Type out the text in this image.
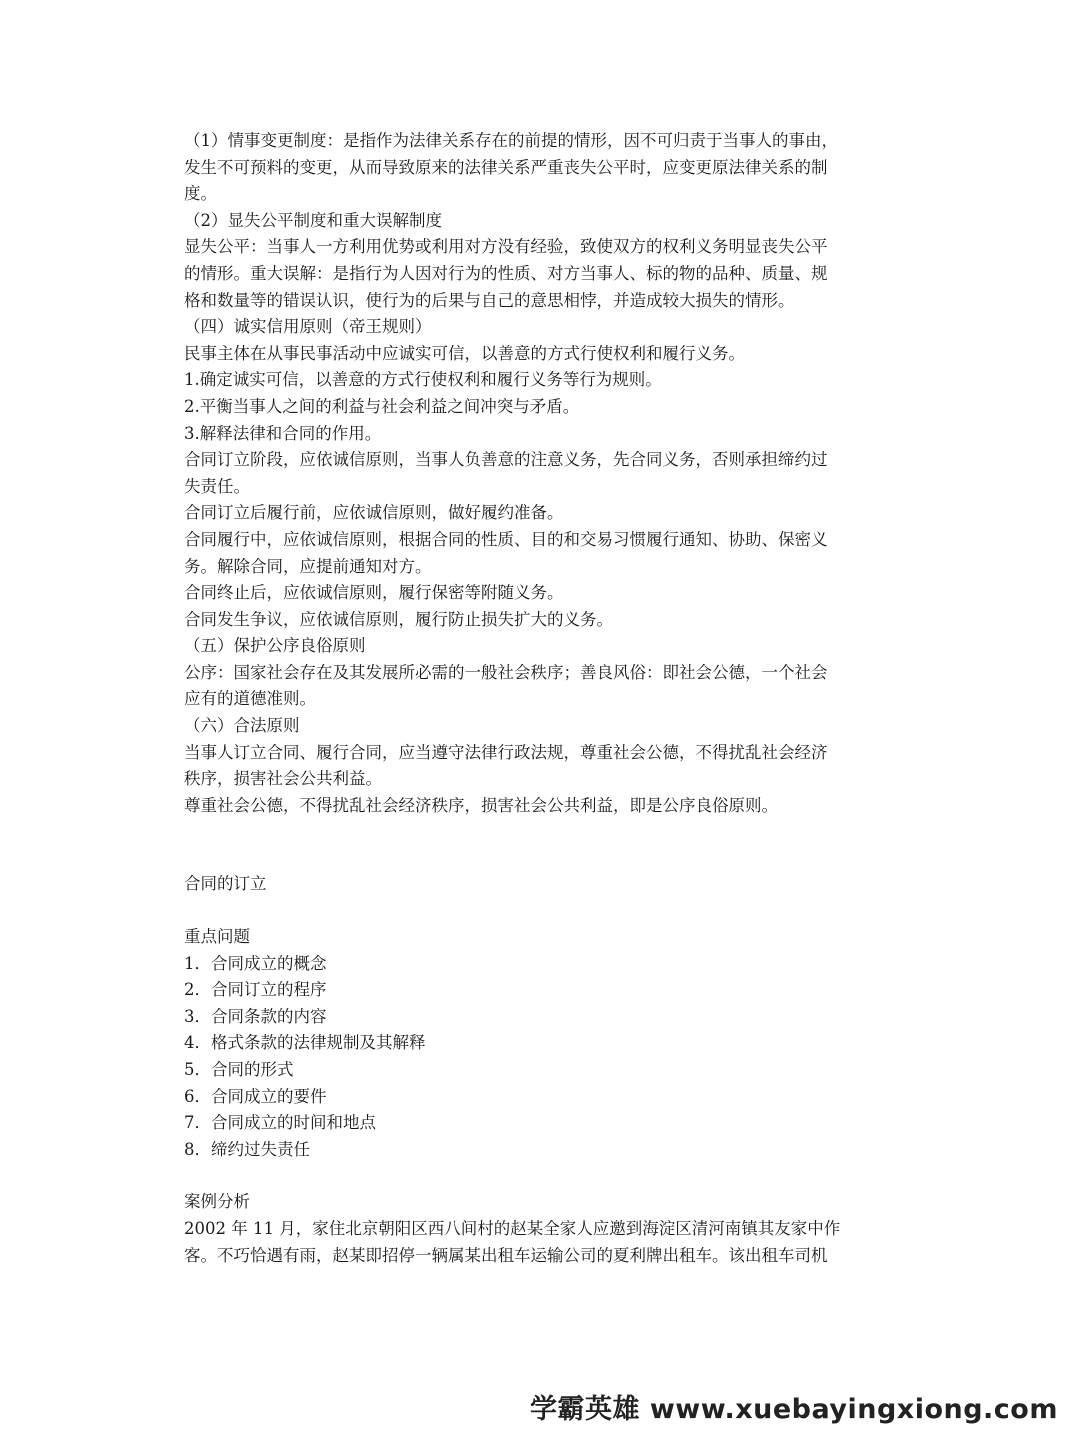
（1）情事变更制度：是指作为法律关系存在的前提的情形，因不可归责于当事人的事由，
发生不可预料的变更，从而导致原来的法律关系严重丧失公平时，应变更原法律关系的制
度。
（2）显失公平制度和重大误解制度
显失公平：当事人一方利用优势或利用对方没有经验，致使双方的权利义务明显丧失公平
的情形。重大误解：是指行为人因对行为的性质、对方当事人、标的物的品种、质量、规
格和数量等的错误认识，使行为的后果与自己的意思相悖，并造成较大损失的情形。
（四）诚实信用原则（帝王规则）
民事主体在从事民事活动中应诚实可信，以善意的方式行使权利和履行义务。
1.确定诚实可信，以善意的方式行使权利和履行义务等行为规则。
2.平衡当事人之间的利益与社会利益之间冲突与矛盾。
3.解释法律和合同的作用。
合同订立阶段，应依诚信原则，当事人负善意的注意义务，先合同义务，否则承担缔约过
失责任。
合同订立后履行前，应依诚信原则，做好履约准备。
合同履行中，应依诚信原则，根据合同的性质、目的和交易习惯履行通知、协助、保密义
务。解除合同，应提前通知对方。
合同终止后，应依诚信原则，履行保密等附随义务。
合同发生争议，应依诚信原则，履行防止损失扩大的义务。
（五）保护公序良俗原则
公序：国家社会存在及其发展所必需的一般社会秩序；善良风俗：即社会公德，一个社会
应有的道德准则。
（六）合法原则
当事人订立合同、履行合同，应当遵守法律行政法规，尊重社会公德，不得扰乱社会经济
秩序，损害社会公共利益。
尊重社会公德，不得扰乱社会经济秩序，损害社会公共利益，即是公序良俗原则。
合同的订立
重点问题
1．合同成立的概念
2．合同订立的程序
3．合同条款的内容
4．格式条款的法律规制及其解释
5．合同的形式
6．合同成立的要件
7．合同成立的时间和地点
8．缔约过失责任
案例分析
2002 年 11 月，家住北京朝阳区西八间村的赵某全家人应邀到海淀区清河南镇其友家中作
客。不巧恰遇有雨，赵某即招停一辆属某出租车运输公司的夏利牌出租车。该出租车司机
学霸英雄 www.xuebayingxiong.com
